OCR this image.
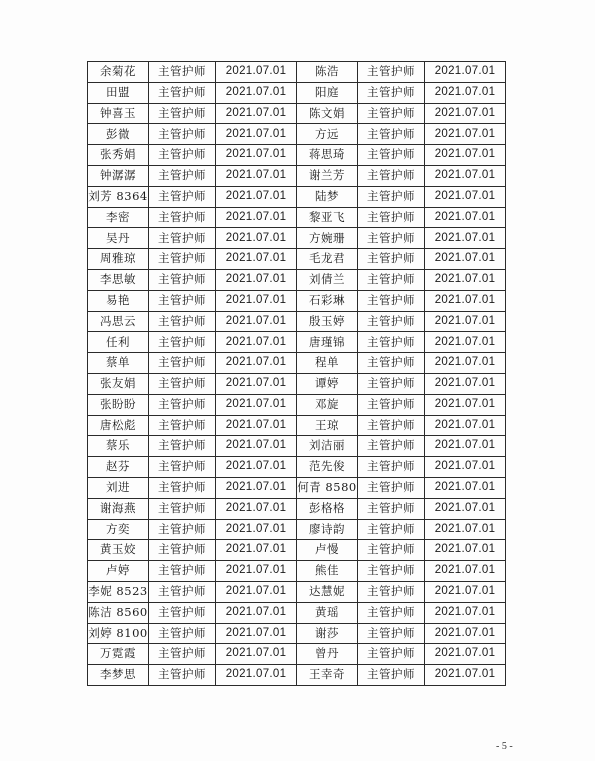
余菊花	主管护师	2021.07.01	陈浩	主管护师	2021.07.01
田盟	主管护师	2021.07.01	阳庭	主管护师	2021.07.01
钟喜玉	主管护师	2021.07.01	陈文娟	主管护师	2021.07.01
彭微	主管护师	2021.07.01	方远	主管护师	2021.07.01
张秀娟	主管护师	2021.07.01	蒋思琦	主管护师	2021.07.01
钟潺潺	主管护师	2021.07.01	谢兰芳	主管护师	2021.07.01
刘芳 8364	主管护师	2021.07.01	陆梦	主管护师	2021.07.01
李密	主管护师	2021.07.01	黎亚飞	主管护师	2021.07.01
吴丹	主管护师	2021.07.01	方婉珊	主管护师	2021.07.01
周雅琼	主管护师	2021.07.01	毛龙君	主管护师	2021.07.01
李思敏	主管护师	2021.07.01	刘倩兰	主管护师	2021.07.01
易艳	主管护师	2021.07.01	石彩琳	主管护师	2021.07.01
冯思云	主管护师	2021.07.01	殷玉婷	主管护师	2021.07.01
任利	主管护师	2021.07.01	唐瑾锦	主管护师	2021.07.01
蔡单	主管护师	2021.07.01	程单	主管护师	2021.07.01
张友娟	主管护师	2021.07.01	谭婷	主管护师	2021.07.01
张盼盼	主管护师	2021.07.01	邓旋	主管护师	2021.07.01
唐松彪	主管护师	2021.07.01	王琼	主管护师	2021.07.01
蔡乐	主管护师	2021.07.01	刘洁丽	主管护师	2021.07.01
赵芬	主管护师	2021.07.01	范先俊	主管护师	2021.07.01
刘进	主管护师	2021.07.01	何青 8580	主管护师	2021.07.01
谢海燕	主管护师	2021.07.01	彭格格	主管护师	2021.07.01
方奕	主管护师	2021.07.01	廖诗韵	主管护师	2021.07.01
黄玉姣	主管护师	2021.07.01	卢慢	主管护师	2021.07.01
卢婷	主管护师	2021.07.01	熊佳	主管护师	2021.07.01
李妮 8523	主管护师	2021.07.01	达慧妮	主管护师	2021.07.01
陈洁 8560	主管护师	2021.07.01	黄瑶	主管护师	2021.07.01
刘婷 8100	主管护师	2021.07.01	谢莎	主管护师	2021.07.01
万霓霞	主管护师	2021.07.01	曾丹	主管护师	2021.07.01
李梦思	主管护师	2021.07.01	王幸奇	主管护师	2021.07.01
- 5 -
